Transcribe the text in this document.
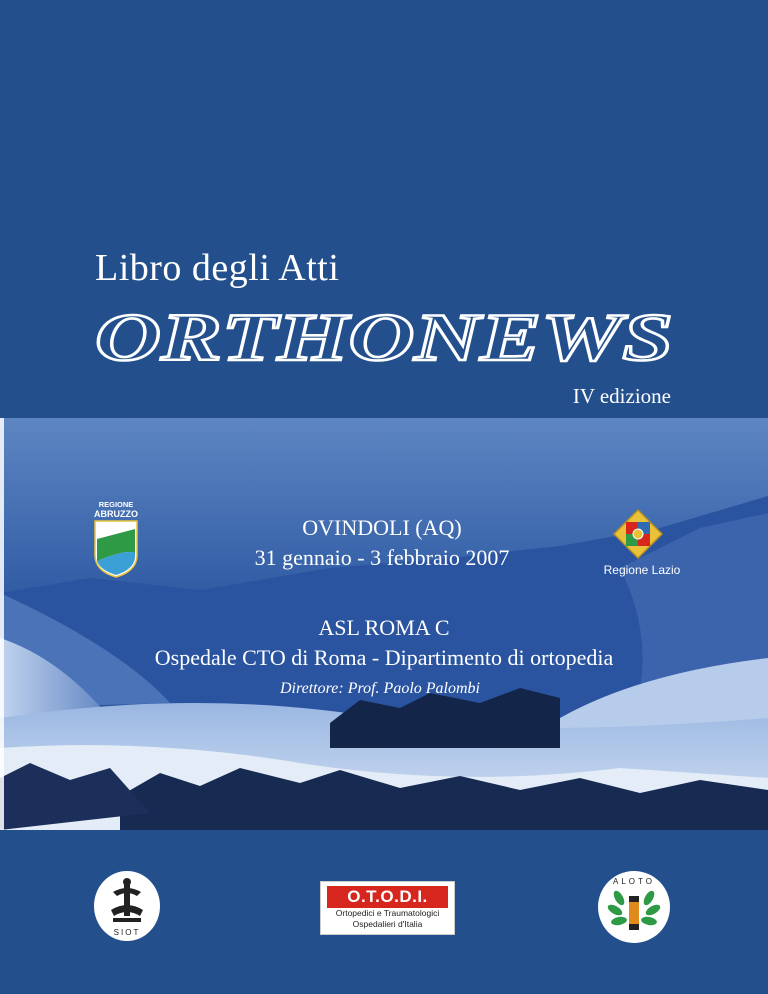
Libro degli Atti
ORTHONEWS
IV edizione
REGIONE
ABRUZZO
OVINDOLI (AQ)
31 gennaio - 3 febbraio 2007	Regione Lazio
ASL ROMA C
Ospedale CTO di Roma - Dipartimento di ortopedia
Direttore: Prof. Paolo Palombi
SIOT
O.T.O.D.I.
Ortopedici e Traumatologici
Ospedalieri d'Italia
ALOTO
